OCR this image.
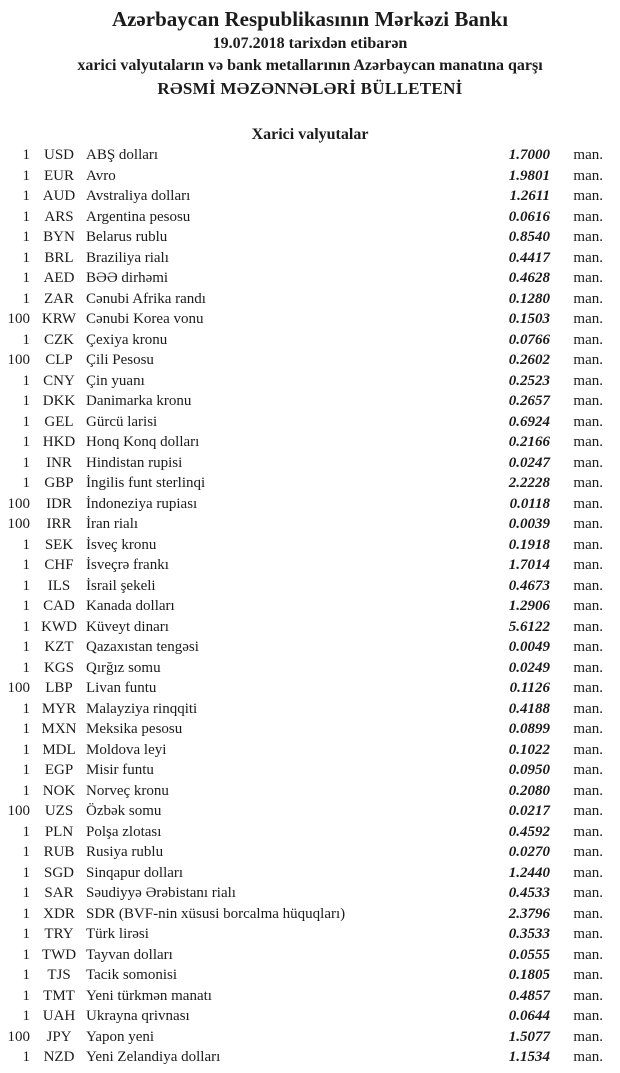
Azərbaycan Respublikasının Mərkəzi Bankı
19.07.2018 tarixdən etibarən
xarici valyutaların və bank metallarının Azərbaycan manatına qarşı
RƏSMİ MƏZƏNNƏLƏRİ BÜLLETENİ
Xarici valyutalar
1 USD ABŞ dolları	1.7000	man.
1 EUR Avro	1.9801	man.
1 AUD Avstraliya dolları	1.2611	man.
1 ARS Argentina pesosu	0.0616	man.
1 BYN Belarus rublu	0.8540	man.
1 BRL Braziliya rialı	0.4417	man.
1 AED BƏƏ dirhəmi	0.4628	man.
1 ZAR Cənubi Afrika randı	0.1280	man.
100 KRW Cənubi Korea vonu	0.1503	man.
1 CZK Çexiya kronu	0.0766	man.
100	CLP Çili Pesosu	0.2602	man.
1 CNY Çin yuanı	0.2523	man.
1 DKK Danimarka kronu	0.2657	man.
1 GEL Gürcü larisi	0.6924	man.
1 HKD Honq Konq dolları	0.2166	man.
1	INR Hindistan rupisi	0.0247	man.
1 GBP İngilis funt sterlinqi	2.2228	man.
100	IDR İndoneziya rupiası	0.0118	man.
100	IRR İran rialı	0.0039	man.
1 SEK İsveç kronu	0.1918	man.
1 CHF İsveçrə frankı	1.7014	man.
1	ILS	İsrail şekeli	0.4673	man.
1 CAD Kanada dolları	1.2906	man.
1 KWD Küveyt dinarı	5.6122	man.
1 KZT Qazaxıstan tengəsi	0.0049	man.
1 KGS Qırğız somu	0.0249	man.
100	LBP Livan funtu	0.1126	man.
1 MYR Malayziya rinqqiti	0.4188	man.
1 MXN Meksika pesosu	0.0899	man.
1 MDL Moldova leyi	0.1022	man.
1 EGP Misir funtu	0.0950	man.
1 NOK Norveç kronu	0.2080	man.
100 UZS Özbək somu	0.0217	man.
1 PLN Polşa zlotası	0.4592	man.
1 RUB Rusiya rublu	0.0270	man.
1 SGD Sinqapur dolları	1.2440	man.
1 SAR Səudiyyə Ərəbistanı rialı	0.4533	man.
1 XDR SDR (BVF-nin xüsusi borcalma hüquqları)	2.3796	man.
1 TRY Türk lirəsi	0.3533	man.
1 TWD Tayvan dolları	0.0555	man.
1	TJS	Tacik somonisi	0.1805	man.
1 TMT Yeni türkmən manatı	0.4857	man.
1 UAH Ukrayna qrivnası	0.0644	man.
100	JPY Yapon yeni	1.5077	man.
1 NZD Yeni Zelandiya dolları	1.1534	man.
